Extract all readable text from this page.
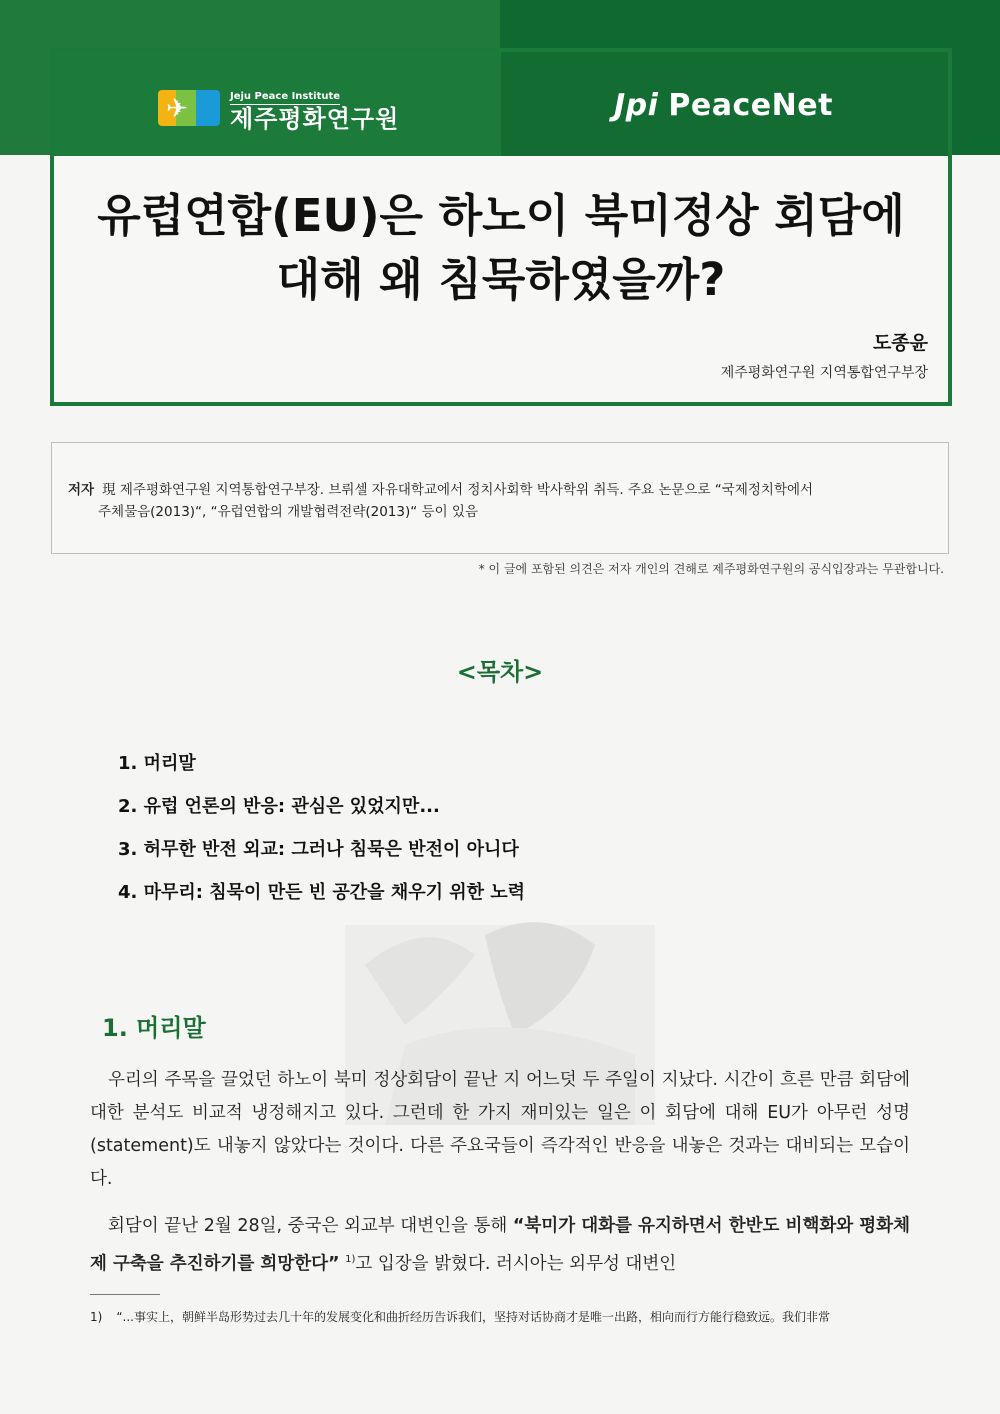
✈	Jeju Peace Institute
제주평화연구원	Jpi PeaceNet
유럽연합(EU)은 하노이 북미정상 회담에
대해 왜 침묵하였을까?
도종윤
제주평화연구원 지역통합연구부장
저자 現 제주평화연구원 지역통합연구부장. 브뤼셀 자유대학교에서 정치사회학 박사학위 취득. 주요 논문으로 “국제정치학에서
주체물음(2013)“, “유럽연합의 개발협력전략(2013)“ 등이 있음
* 이 글에 포함된 의견은 저자 개인의 견해로 제주평화연구원의 공식입장과는 무관합니다.
<목차>
1. 머리말
2. 유럽 언론의 반응: 관심은 있었지만...
3. 허무한 반전 외교: 그러나 침묵은 반전이 아니다
4. 마무리: 침묵이 만든 빈 공간을 채우기 위한 노력
1. 머리말

우리의 주목을 끌었던 하노이 북미 정상회담이 끝난 지 어느덧 두 주일이 지났다. 시간이 흐른 만큼 회담에 대한 분석도 비교적 냉정해지고 있다. 그런데 한 가지 재미있는 일은 이 회담에 대해 EU가 아무런 성명(statement)도 내놓지 않았다는 것이다. 다른 주요국들이 즉각적인 반응을 내놓은 것과는 대비되는 모습이다.

회담이 끝난 2월 28일, 중국은 외교부 대변인을 통해 “북미가 대화를 유지하면서 한반도 비핵화와 평화체제 구축을 추진하기를 희망한다” $^{1)}$고 입장을 밝혔다. 러시아는 외무성 대변인

1) “...事实上，朝鲜半岛形势过去几十年的发展变化和曲折经历告诉我们，坚持对话协商才是唯一出路，相向而行方能行稳致远。我们非常
